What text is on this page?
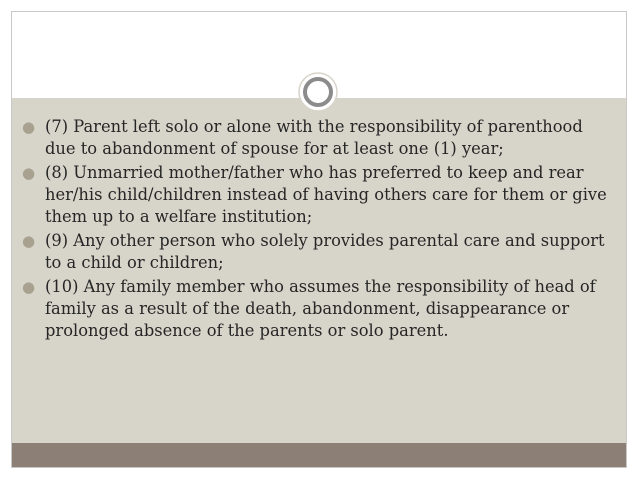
● (7) Parent left solo or alone with the responsibility of parenthood due to abandonment of spouse for at least one (1) year;
● (8) Unmarried mother/father who has preferred to keep and rear her/his child/children instead of having others care for them or give them up to a welfare institution;
● (9) Any other person who solely provides parental care and support to a child or children;
● (10) Any family member who assumes the responsibility of head of family as a result of the death, abandonment, disappearance or prolonged absence of the parents or solo parent.
